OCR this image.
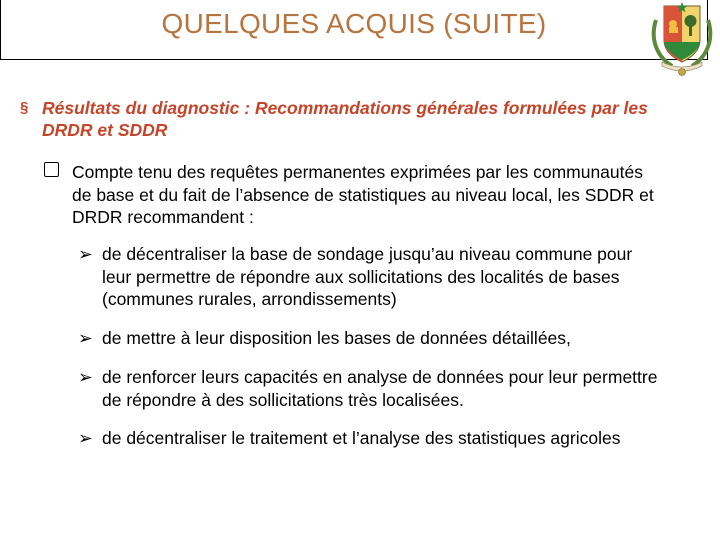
QUELQUES ACQUIS (SUITE)
§ Résultats du diagnostic : Recommandations générales formulées par les
DRDR et SDDR
Compte tenu des requêtes permanentes exprimées par les communautés
de base et du fait de l’absence de statistiques au niveau local, les SDDR et
DRDR recommandent :
➢ de décentraliser la base de sondage jusqu’au niveau commune pour
leur permettre de répondre aux sollicitations des localités de bases
(communes rurales, arrondissements)
➢ de mettre à leur disposition les bases de données détaillées,
➢ de renforcer leurs capacités en analyse de données pour leur permettre
de répondre à des sollicitations très localisées.
➢ de décentraliser le traitement et l’analyse des statistiques agricoles
